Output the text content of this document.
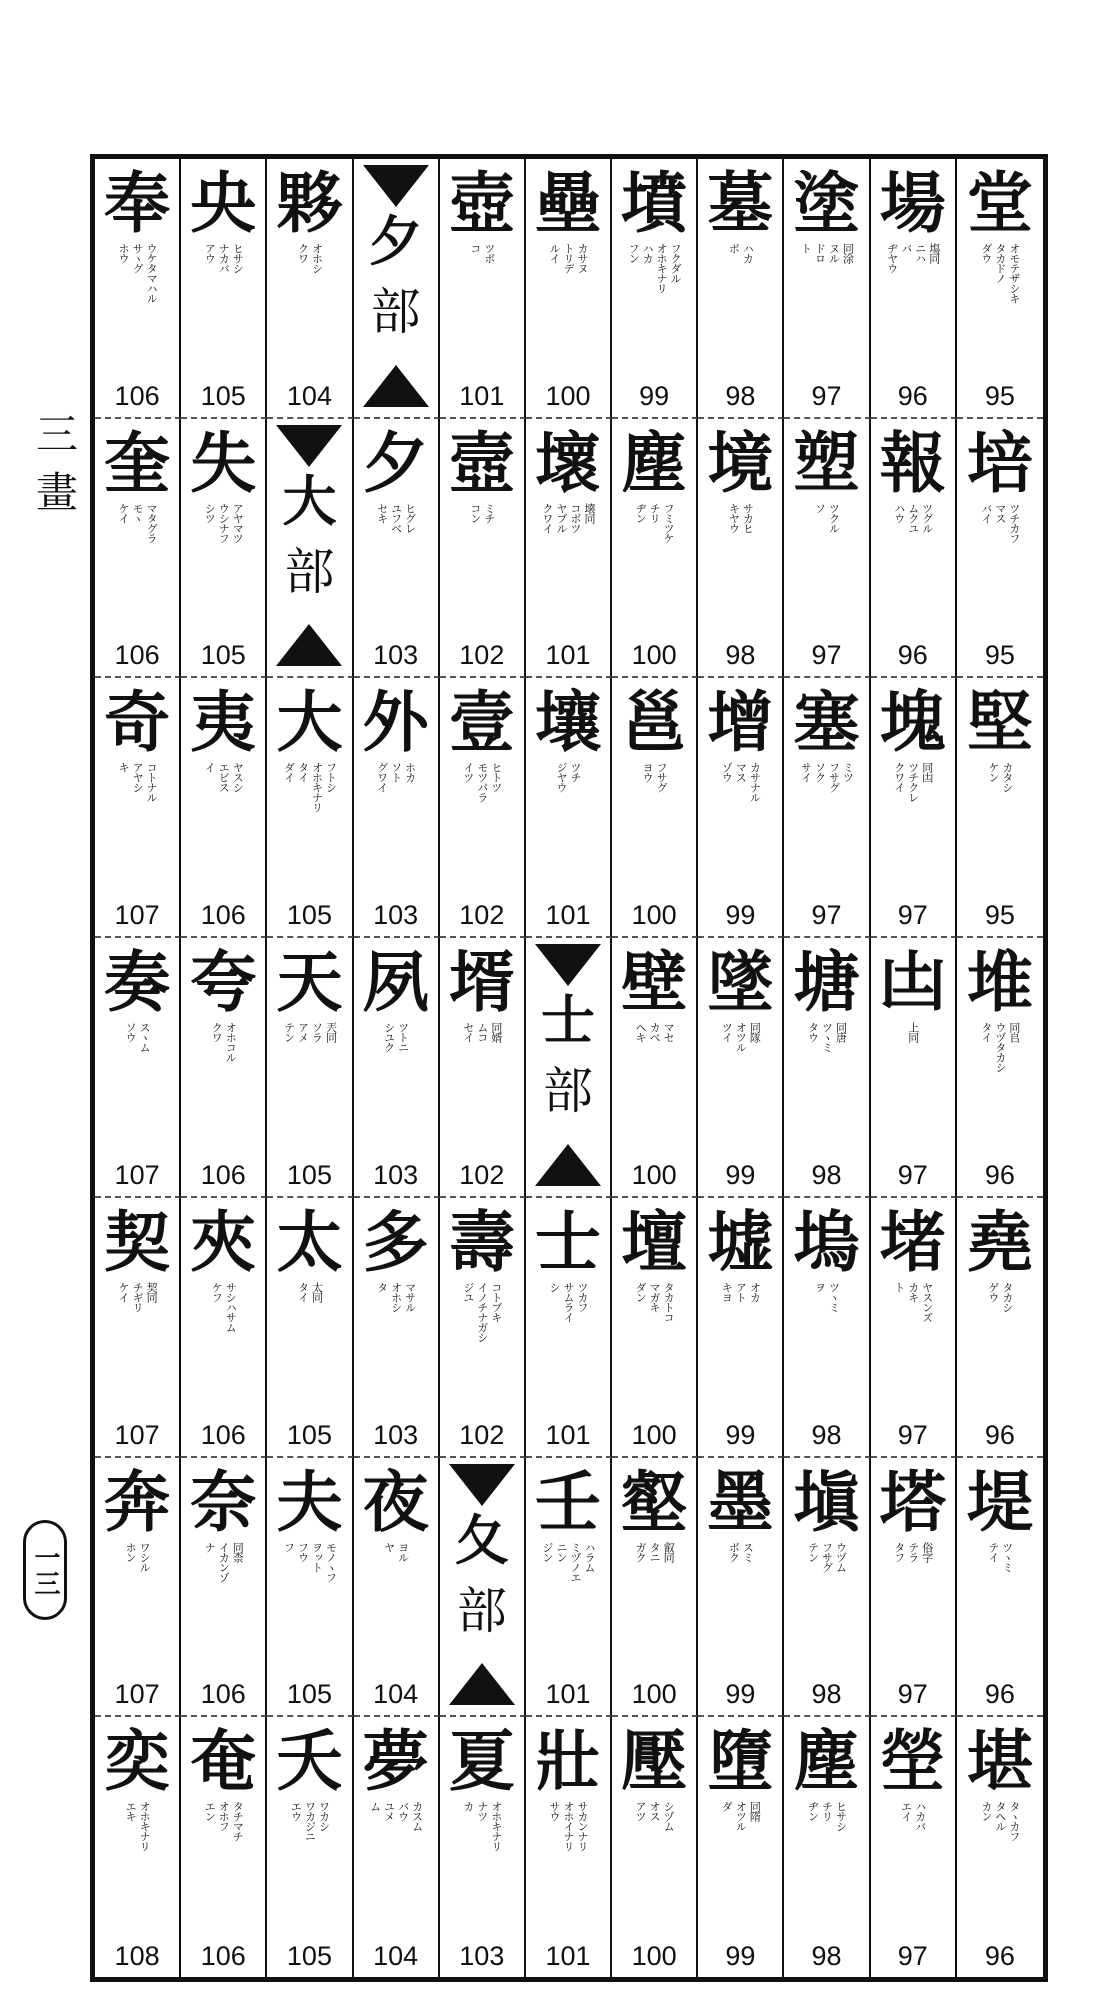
三畫
一三
奉
ホウ サヽグ ウケタマハル
106
央
アウ ナカバ ヒサシ
105
夥
クワ オホシ
104
夕
部
壺
コ ツボ
101
壘
ルイ トリデ カサヌ
100
墳
フン ハカ オホキナリ フクダル
99
墓
ボ ハカ
98
塗
ト ドロ ヌル 同涂
97
場
ヂヤウ バ ニハ 塲同
96
堂
ダウ タカドノ オモテザシキ
95
奎
ケイ モヽ マタグラ
106
失
シツ ウシナフ アヤマツ
105
大
部
夕
セキ ユフベ ヒグレ
103
壼
コン ミチ
102
壞
クワイ ヤブル コボツ 壊同
101
塵
ヂン チリ フミツケ
100
境
キヤウ サカヒ
98
塑
ソ ツクル
97
報
ハウ ムクユ ツグル
96
培
バイ マス ツチカフ
95
奇
キ アヤシ コトナル
107
夷
イ エビス ヤスシ
106
大
ダイ タイ オホキナリ フトシ
105
外
グワイ ソト ホカ
103
壹
イツ モツパラ ヒトツ
102
壤
ジヤウ ツチ
101
邕
ヨウ フサグ
100
增
ゾウ マス カサナル
99
塞
サイ ソク フサグ ミツ
97
塊
クワイ ツチクレ 同凷
97
堅
ケン カタシ
95
奏
ソウ スヽム
107
夸
クワ オホコル
106
天
テン アメ ソラ 兲同
105
夙
シユク ツトニ
103
壻
セイ ムコ 同婿
102
士
部
壁
ヘキ カベ マセ
100
墜
ツイ オツル 同隊
99
塘
タウ ツヽミ 同唐
98
凷
上同
97
堆
タイ ウヅタカシ 同𠂤
96
契
ケイ チギリ 契同
107
夾
ケフ サシハサム
106
太
タイ 太同
105
多
タ オホシ マサル
103
壽
ジユ イノチナガシ コトブキ
102
士
シ サムライ ツカフ
101
壇
ダン マガキ タカトコ
100
墟
キヨ アト オカ
99
塢
ヲ ツヽミ
98
堵
ト カキ ヤスンズ
97
堯
ゲウ タカシ
96
奔
ホン ワシル
107
奈
ナ イカンゾ 同柰
106
夫
フ フウ ヲット モノヽフ
105
夜
ヤ ヨル
104
夂
部
壬
ジン ニン ミヅノエ ハラム
101
壑
ガク タニ 叡同
100
墨
ボク スミ
99
塡
テン フサグ ウヅム
98
塔
タフ テラ 俗字
97
堤
テイ ツヽミ
96
奕
エキ オホキナリ
108
奄
エン オホフ タチマチ
106
夭
エウ ワカジニ ワカシ
105
夢
ム ユメ バウ カスム
104
夏
カ ナツ オホキナリ
103
壯
サウ オホイナリ サカンナリ
101
壓
アツ オス シヅム
100
墮
ダ オツル 同隋
99
塵
ヂン チリ ヒサシ
98
塋
エイ ハカバ
97
堪
カン タヘル タヽカフ
96
